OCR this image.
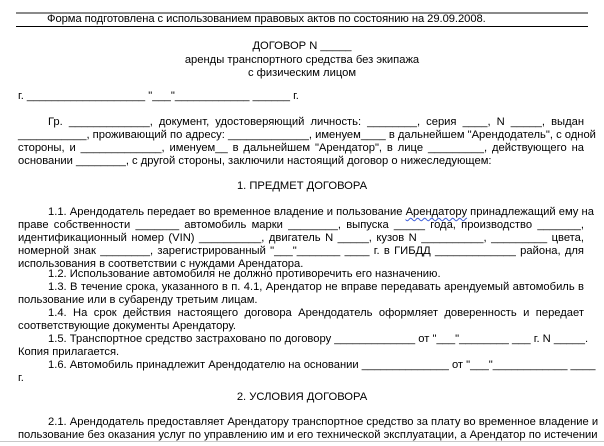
Форма подготовлена с использованием правовых актов по состоянию на 29.09.2008.
ДОГОВОР N _____
аренды транспортного средства без экипажа
с физическим лицом
г. ___________________ "___"____________ ______ г.
Гр. _____________, документ, удостоверяющий личность: ________, серия ____, N _____, выдан
___________, проживающий по адресу: _____________, именуем____ в дальнейшем "Арендодатель", с одной
стороны, и _____________, именуем__ в дальнейшем "Арендатор", в лице _________, действующего на
основании ________, с другой стороны, заключили настоящий договор о нижеследующем:
1. ПРЕДМЕТ ДОГОВОРА
1.1. Арендодатель передает во временное владение и пользование Арендатору принадлежащий ему на
праве собственности _______ автомобиль марки ________, выпуска _____ года, производство _______,
идентификационный номер (VIN) __________, двигатель N _____, кузов N __________, _________ цвета,
номерной знак ________, зарегистрированный "___"_______ ____ г. в ГИБДД _____________ района, для
использования в соответствии с нуждами Арендатора.
1.2. Использование автомобиля не должно противоречить его назначению.
1.3. В течение срока, указанного в п. 4.1, Арендатор не вправе передавать арендуемый автомобиль в
пользование или в субаренду третьим лицам.
1.4. На срок действия настоящего договора Арендодатель оформляет доверенность и передает
соответствующие документы Арендатору.
1.5. Транспортное средство застраховано по договору _____________ от "___"________ ___ г. N _____.
Копия прилагается.
1.6. Автомобиль принадлежит Арендодателю на основании ______________ от "___"____________ ____
г.
2. УСЛОВИЯ ДОГОВОРА
2.1. Арендодатель предоставляет Арендатору транспортное средство за плату во временное владение и
пользование без оказания услуг по управлению им и его технической эксплуатации, а Арендатор по истечении
